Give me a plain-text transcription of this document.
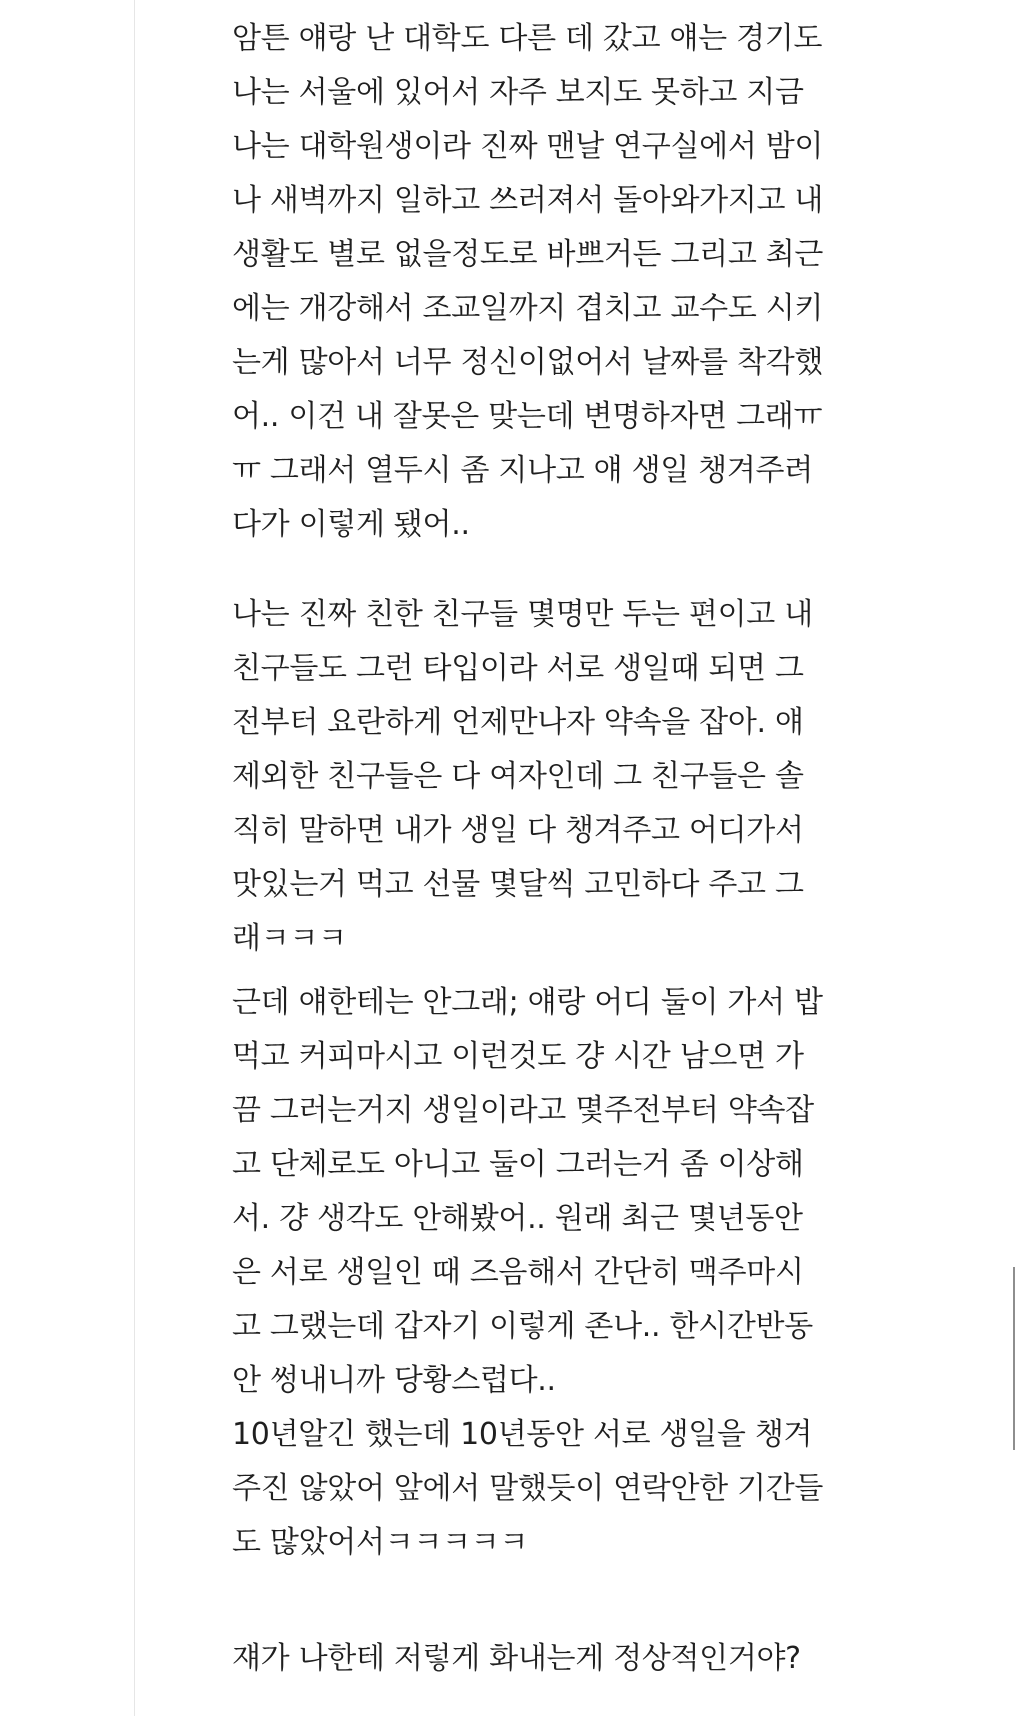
암튼 얘랑 난 대학도 다른 데 갔고 얘는 경기도
나는 서울에 있어서 자주 보지도 못하고 지금
나는 대학원생이라 진짜 맨날 연구실에서 밤이
나 새벽까지 일하고 쓰러져서 돌아와가지고 내
생활도 별로 없을정도로 바쁘거든 그리고 최근
에는 개강해서 조교일까지 겹치고 교수도 시키
는게 많아서 너무 정신이없어서 날짜를 착각했
어.. 이건 내 잘못은 맞는데 변명하자면 그래ㅠ
ㅠ 그래서 열두시 좀 지나고 얘 생일 챙겨주려
다가 이렇게 됐어..
나는 진짜 친한 친구들 몇명만 두는 편이고 내
친구들도 그런 타입이라 서로 생일때 되면 그
전부터 요란하게 언제만나자 약속을 잡아. 얘
제외한 친구들은 다 여자인데 그 친구들은 솔
직히 말하면 내가 생일 다 챙겨주고 어디가서
맛있는거 먹고 선물 몇달씩 고민하다 주고 그
래ㅋㅋㅋ
근데 얘한테는 안그래; 얘랑 어디 둘이 가서 밥
먹고 커피마시고 이런것도 걍 시간 남으면 가
끔 그러는거지 생일이라고 몇주전부터 약속잡
고 단체로도 아니고 둘이 그러는거 좀 이상해
서. 걍 생각도 안해봤어.. 원래 최근 몇년동안
은 서로 생일인 때 즈음해서 간단히 맥주마시
고 그랬는데 갑자기 이렇게 존나.. 한시간반동
안 썽내니까 당황스럽다..
10년알긴 했는데 10년동안 서로 생일을 챙겨
주진 않았어 앞에서 말했듯이 연락안한 기간들
도 많았어서ㅋㅋㅋㅋㅋ
쟤가 나한테 저렇게 화내는게 정상적인거야?
